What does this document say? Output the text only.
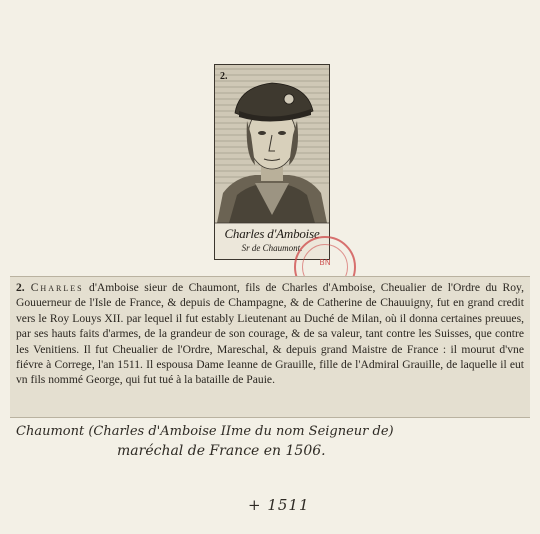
2.
Charles d'Amboise
Sr de Chaumont.
BN
2. Charles d'Amboise sieur de Chaumont, fils de Charles d'Amboise, Cheualier de l'Ordre du Roy, Gouuerneur de l'Isle de France, & depuis de Champagne, & de Catherine de Chauuigny, fut en grand credit vers le Roy Louys XII. par lequel il fut estably Lieutenant au Duché de Milan, où il donna certaines preuues, par ses hauts faits d'armes, de la grandeur de son courage, & de sa valeur, tant contre les Suisses, que contre les Venitiens. Il fut Cheualier de l'Ordre, Mareschal, & depuis grand Maistre de France : il mourut d'vne fiévre à Correge, l'an 1511. Il espousa Dame Ieanne de Grauille, fille de l'Admiral Grauille, de laquelle il eut vn fils nommé George, qui fut tué à la bataille de Pauie.
Chaumont (Charles d'Amboise IIme du nom Seigneur de)
maréchal de France en 1506.
+ 1511
